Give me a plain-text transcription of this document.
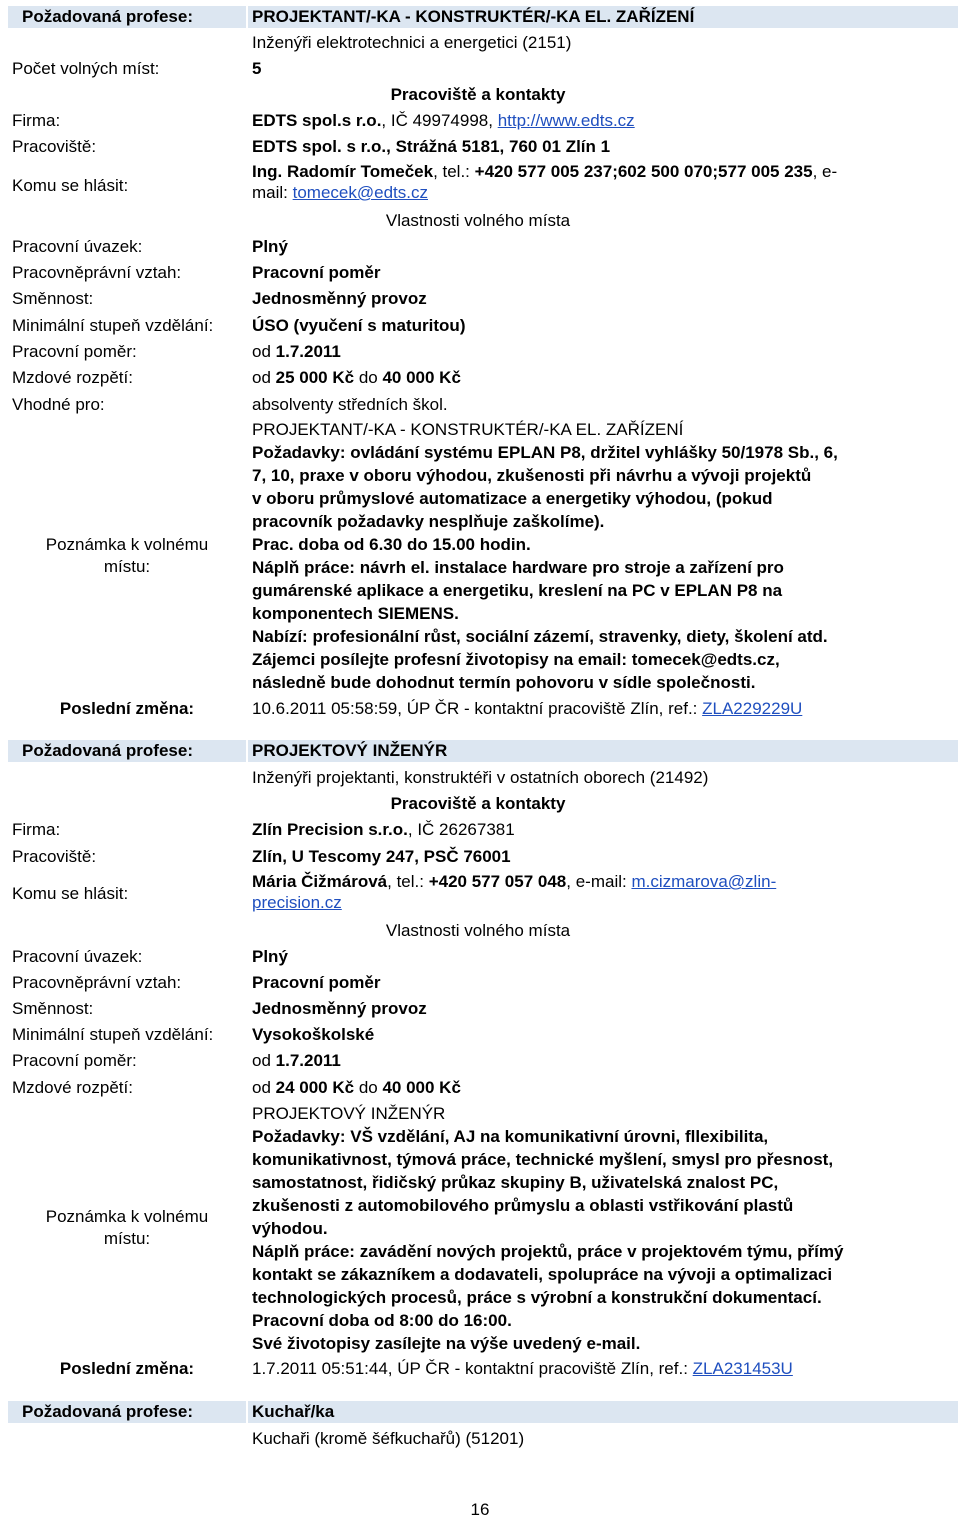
Požadovaná profese:	PROJEKTANT/-KA - KONSTRUKTÉR/-KA EL. ZAŘÍZENÍ
Inženýři elektrotechnici a energetici (2151)
Počet volných míst:	5
Pracoviště a kontakty
Firma:	EDTS spol.s r.o., IČ 49974998, http://www.edts.cz
Pracoviště:	EDTS spol. s r.o., Strážná 5181, 760 01 Zlín 1
Komu se hlásit:
Ing. Radomír Tomeček, tel.: +420 577 005 237;602 500 070;577 005 235, e-
mail: tomecek@edts.cz
Vlastnosti volného místa
Pracovní úvazek:	Plný
Pracovněprávní vztah:	Pracovní poměr
Směnnost:	Jednosměnný provoz
Minimální stupeň vzdělání: ÚSO (vyučení s maturitou)
Pracovní poměr:	od 1.7.2011
Mzdové rozpětí:	od 25 000 Kč do 40 000 Kč
Vhodné pro:	absolventy středních škol.
Poznámka k volnému
místu:
PROJEKTANT/-KA - KONSTRUKTÉR/-KA EL. ZAŘÍZENÍ
Požadavky: ovládání systému EPLAN P8, držitel vyhlášky 50/1978 Sb., 6,
7, 10, praxe v oboru výhodou, zkušenosti při návrhu a vývoji projektů
v oboru průmyslové automatizace a energetiky výhodou, (pokud
pracovník požadavky nesplňuje zaškolíme).
Prac. doba od 6.30 do 15.00 hodin.
Náplň práce: návrh el. instalace hardware pro stroje a zařízení pro
gumárenské aplikace a energetiku, kreslení na PC v EPLAN P8 na
komponentech SIEMENS.
Nabízí: profesionální růst, sociální zázemí, stravenky, diety, školení atd.
Zájemci posílejte profesní životopisy na email: tomecek@edts.cz,
následně bude dohodnut termín pohovoru v sídle společnosti.
Poslední změna:	10.6.2011 05:58:59, ÚP ČR - kontaktní pracoviště Zlín, ref.: ZLA229229U
Požadovaná profese:	PROJEKTOVÝ INŽENÝR
Inženýři projektanti, konstruktéři v ostatních oborech (21492)
Pracoviště a kontakty
Firma:	Zlín Precision s.r.o., IČ 26267381
Pracoviště:	Zlín, U Tescomy 247, PSČ 76001
Komu se hlásit:
Mária Čižmárová, tel.: +420 577 057 048, e-mail: m.cizmarova@zlin-
precision.cz
Vlastnosti volného místa
Pracovní úvazek:	Plný
Pracovněprávní vztah:	Pracovní poměr
Směnnost:	Jednosměnný provoz
Minimální stupeň vzdělání: Vysokoškolské
Pracovní poměr:	od 1.7.2011
Mzdové rozpětí:	od 24 000 Kč do 40 000 Kč
Poznámka k volnému
místu:
PROJEKTOVÝ INŽENÝR
Požadavky: VŠ vzdělání, AJ na komunikativní úrovni, fllexibilita,
komunikativnost, týmová práce, technické myšlení, smysl pro přesnost,
samostatnost, řidičský průkaz skupiny B, uživatelská znalost PC,
zkušenosti z automobilového průmyslu a oblasti vstřikování plastů
výhodou.
Náplň práce: zavádění nových projektů, práce v projektovém týmu, přímý
kontakt se zákazníkem a dodavateli, spolupráce na vývoji a optimalizaci
technologických procesů, práce s výrobní a konstrukční dokumentací.
Pracovní doba od 8:00 do 16:00.
Své životopisy zasílejte na výše uvedený e-mail.
Poslední změna:	1.7.2011 05:51:44, ÚP ČR - kontaktní pracoviště Zlín, ref.: ZLA231453U
Požadovaná profese:	Kuchař/ka
Kuchaři (kromě šéfkuchařů) (51201)
16
